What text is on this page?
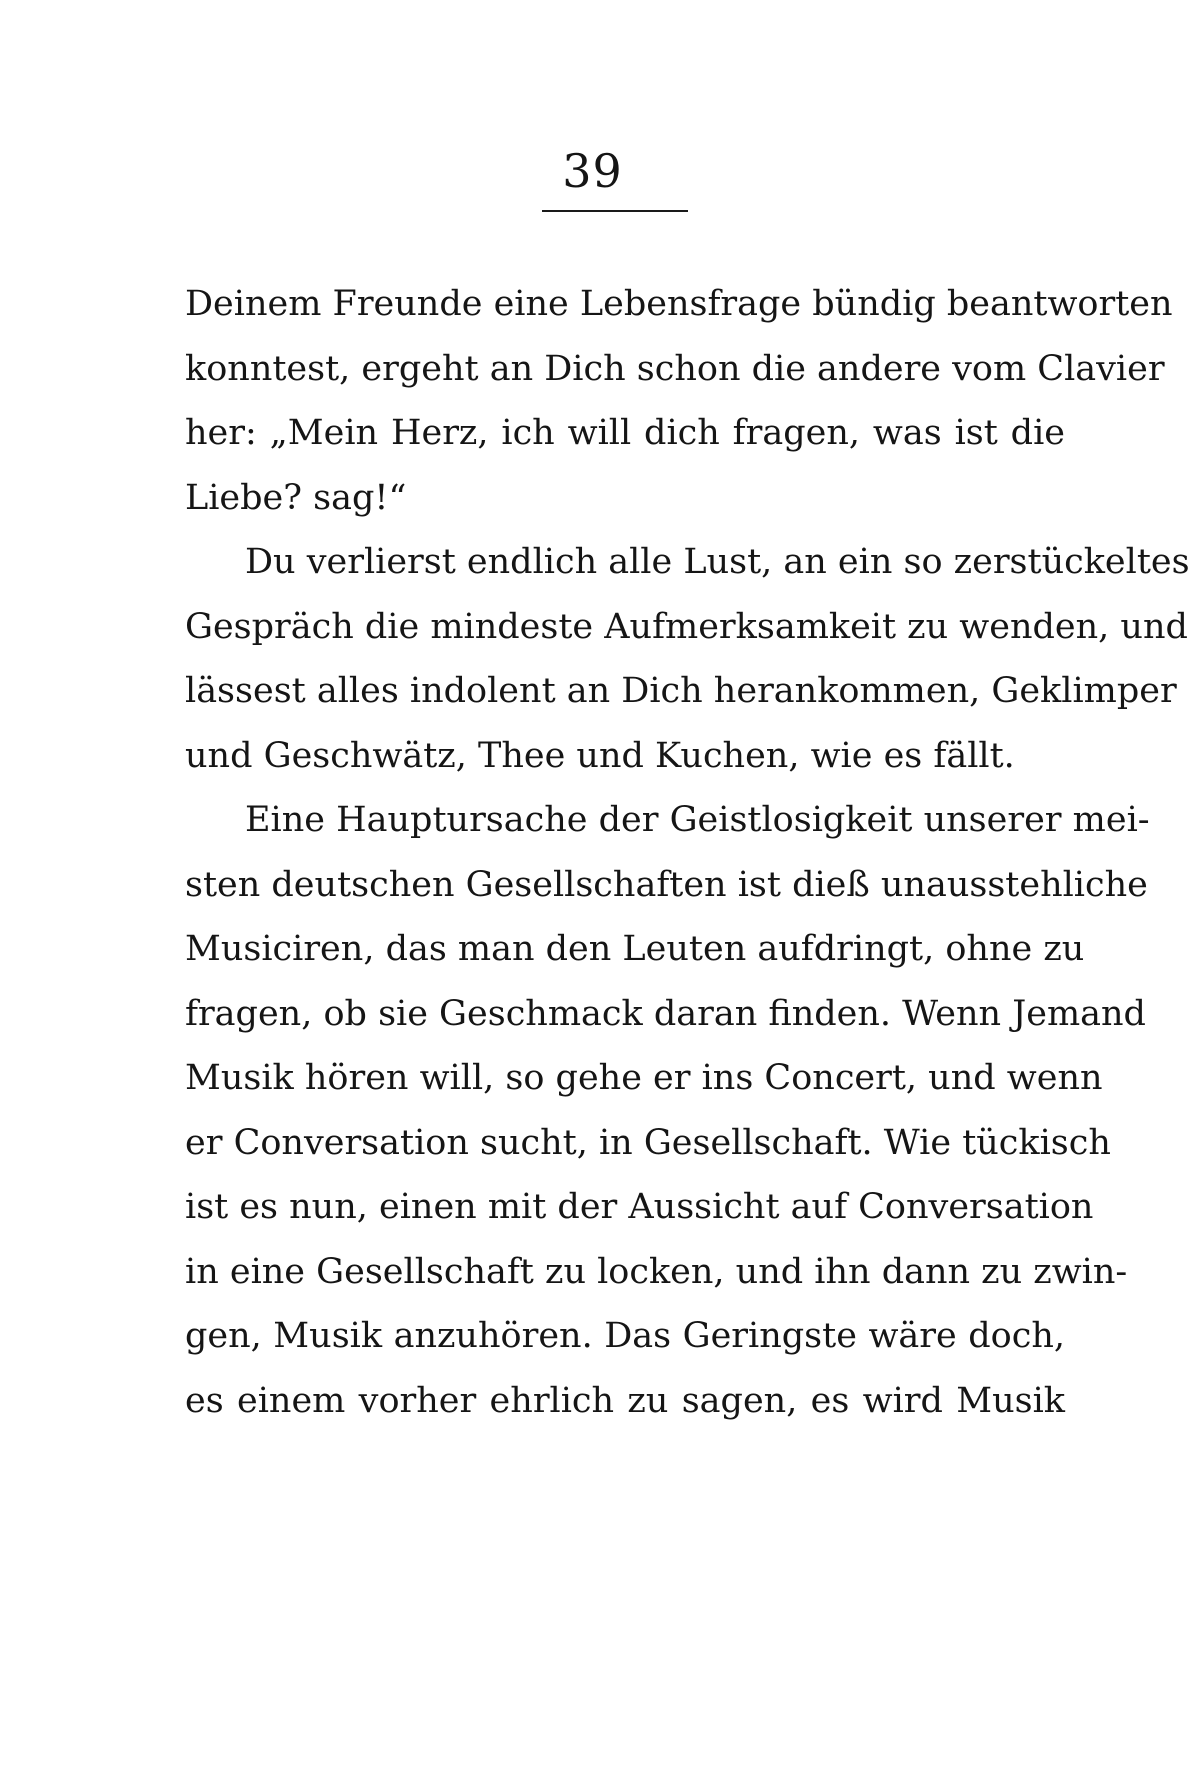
39
Deinem Freunde eine Lebensfrage bündig beantworten
konntest, ergeht an Dich schon die andere vom Clavier
her: „Mein Herz, ich will dich fragen, was ist die
Liebe? sag!“
Du verlierst endlich alle Lust, an ein so zerstückeltes
Gespräch die mindeste Aufmerksamkeit zu wenden, und
lässest alles indolent an Dich herankommen, Geklimper
und Geschwätz, Thee und Kuchen, wie es fällt.
Eine Hauptursache der Geistlosigkeit unserer mei-
sten deutschen Gesellschaften ist dieß unausstehliche
Musiciren, das man den Leuten aufdringt, ohne zu
fragen, ob sie Geschmack daran finden. Wenn Jemand
Musik hören will, so gehe er ins Concert, und wenn
er Conversation sucht, in Gesellschaft. Wie tückisch
ist es nun, einen mit der Aussicht auf Conversation
in eine Gesellschaft zu locken, und ihn dann zu zwin-
gen, Musik anzuhören. Das Geringste wäre doch,
es einem vorher ehrlich zu sagen, es wird Musik
